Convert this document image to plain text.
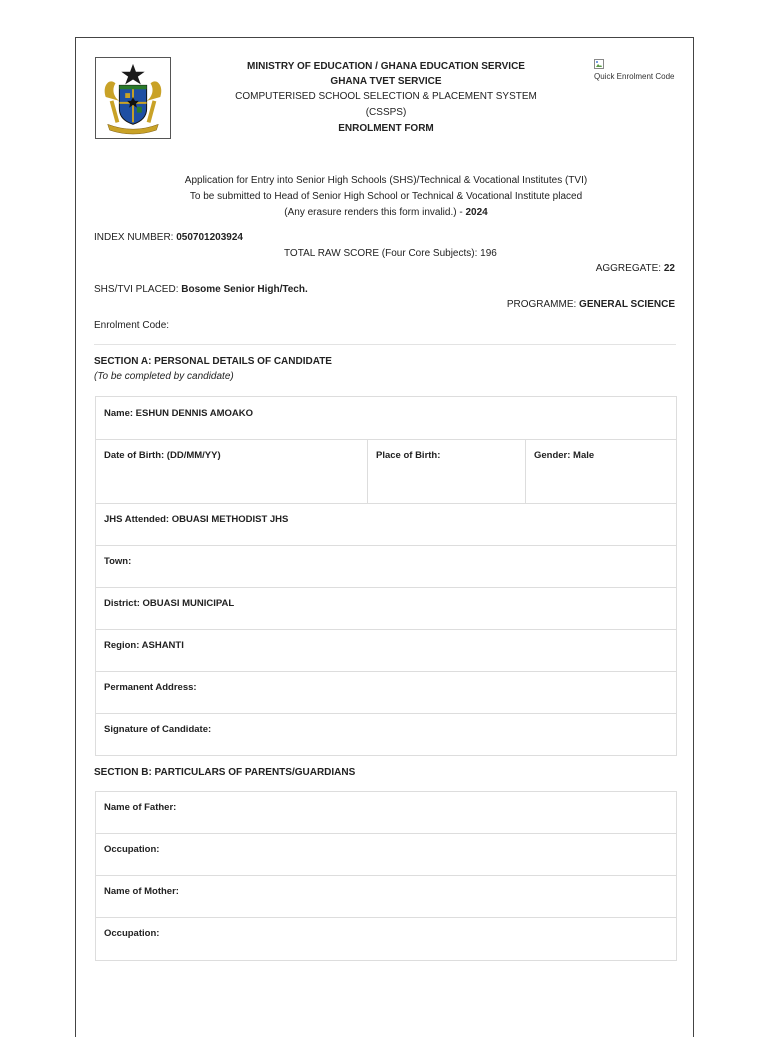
MINISTRY OF EDUCATION / GHANA EDUCATION SERVICE
GHANA TVET SERVICE
COMPUTERISED SCHOOL SELECTION & PLACEMENT SYSTEM
(CSSPS)
ENROLMENT FORM
Quick Enrolment Code
Application for Entry into Senior High Schools (SHS)/Technical & Vocational Institutes (TVI)
To be submitted to Head of Senior High School or Technical & Vocational Institute placed
(Any erasure renders this form invalid.) - 2024
INDEX NUMBER: 050701203924
TOTAL RAW SCORE (Four Core Subjects): 196
AGGREGATE: 22
SHS/TVI PLACED: Bosome Senior High/Tech.
PROGRAMME: GENERAL SCIENCE
Enrolment Code:
SECTION A: PERSONAL DETAILS OF CANDIDATE
(To be completed by candidate)
Name: ESHUN DENNIS AMOAKO
Date of Birth: (DD/MM/YY)	Place of Birth:	Gender: Male
JHS Attended: OBUASI METHODIST JHS
Town:
District: OBUASI MUNICIPAL
Region: ASHANTI
Permanent Address:
Signature of Candidate:
SECTION B: PARTICULARS OF PARENTS/GUARDIANS
Name of Father:
Occupation:
Name of Mother:
Occupation:
